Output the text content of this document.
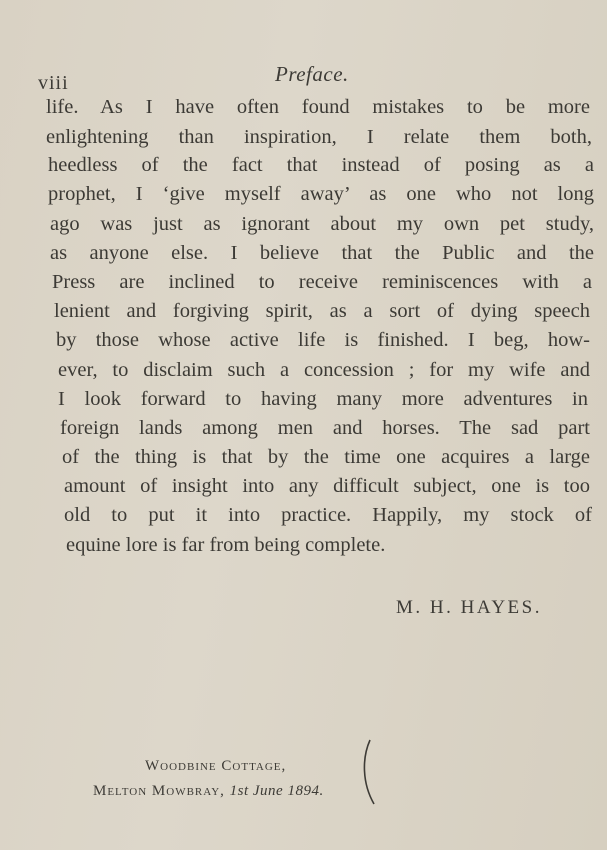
viii	Preface.
life. As I have often found mistakes to be more
enlightening than inspiration, I relate them both,
heedless of the fact that instead of posing as a
prophet, I ‘give myself away’ as one who not long
ago was just as ignorant about my own pet study,
as anyone else. I believe that the Public and the
Press are inclined to receive reminiscences with a
lenient and forgiving spirit, as a sort of dying speech
by those whose active life is finished. I beg, how-
ever, to disclaim such a concession ; for my wife and
I look forward to having many more adventures in
foreign lands among men and horses. The sad part
of the thing is that by the time one acquires a large
amount of insight into any difficult subject, one is too
old to put it into practice. Happily, my stock of
equine lore is far from being complete.
M. H. HAYES.
Woodbine Cottage,
Melton Mowbray, 1st June 1894.
